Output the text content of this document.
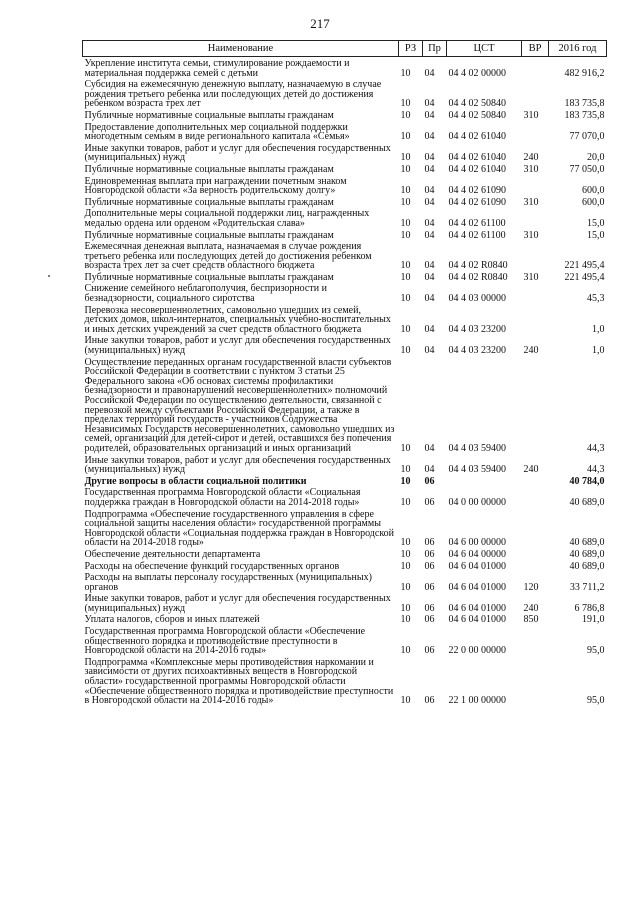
217
Наименование	РЗ	Пр	ЦСТ	ВР	2016 год
Укрепление института семьи, стимулирование рождаемости и материальная поддержка семей с детьми	10	04	04 4 02 00000		482 916,2
Субсидия на ежемесячную денежную выплату, назначаемую в случае рождения третьего ребенка или последующих детей до достижения ребенком возраста трех лет	10	04	04 4 02 50840		183 735,8
Публичные нормативные социальные выплаты гражданам	10	04	04 4 02 50840	310	183 735,8
Предоставление дополнительных мер социальной поддержки многодетным семьям в виде регионального капитала «Семья»	10	04	04 4 02 61040		77 070,0
Иные закупки товаров, работ и услуг для обеспечения государственных (муниципальных) нужд	10	04	04 4 02 61040	240	20,0
Публичные нормативные социальные выплаты гражданам	10	04	04 4 02 61040	310	77 050,0
Единовременная выплата при награждении почетным знаком Новгородской области «За верность родительскому долгу»	10	04	04 4 02 61090		600,0
Публичные нормативные социальные выплаты гражданам	10	04	04 4 02 61090	310	600,0
Дополнительные меры социальной поддержки лиц, награжденных медалью ордена или орденом «Родительская слава»	10	04	04 4 02 61100		15,0
Публичные нормативные социальные выплаты гражданам	10	04	04 4 02 61100	310	15,0
Ежемесячная денежная выплата, назначаемая в случае рождения третьего ребенка или последующих детей до достижения ребенком возраста трех лет за счет средств областного бюджета	10	04	04 4 02 R0840		221 495,4
Публичные нормативные социальные выплаты гражданам	10	04	04 4 02 R0840	310	221 495,4
Снижение семейного неблагополучия, беспризорности и безнадзорности, социального сиротства	10	04	04 4 03 00000		45,3
Перевозка несовершеннолетних, самовольно ушедших из семей, детских домов, школ-интернатов, специальных учебно-воспитательных и иных детских учреждений за счет средств областного бюджета	10	04	04 4 03 23200		1,0
Иные закупки товаров, работ и услуг для обеспечения государственных (муниципальных) нужд	10	04	04 4 03 23200	240	1,0
Осуществление переданных органам государственной власти субъектов Российской Федерации в соответствии с пунктом 3 статьи 25 Федерального закона «Об основах системы профилактики безнадзорности и правонарушений несовершеннолетних» полномочий Российской Федерации по осуществлению деятельности, связанной с перевозкой между субъектами Российской Федерации, а также в пределах территорий государств - участников Содружества Независимых Государств несовершеннолетних, самовольно ушедших из семей, организаций для детей-сирот и детей, оставшихся без попечения родителей, образовательных организаций и иных организаций	10	04	04 4 03 59400		44,3
Иные закупки товаров, работ и услуг для обеспечения государственных (муниципальных) нужд	10	04	04 4 03 59400	240	44,3
Другие вопросы в области социальной политики	10	06			40 784,0
Государственная программа Новгородской области «Социальная поддержка граждан в Новгородской области на 2014-2018 годы»	10	06	04 0 00 00000		40 689,0
Подпрограмма «Обеспечение государственного управления в сфере социальной защиты населения области» государственной программы Новгородской области «Социальная поддержка граждан в Новгородской области на 2014-2018 годы»	10	06	04 6 00 00000		40 689,0
Обеспечение деятельности департамента	10	06	04 6 04 00000		40 689,0
Расходы на обеспечение функций государственных органов	10	06	04 6 04 01000		40 689,0
Расходы на выплаты персоналу государственных (муниципальных) органов	10	06	04 6 04 01000	120	33 711,2
Иные закупки товаров, работ и услуг для обеспечения государственных (муниципальных) нужд	10	06	04 6 04 01000	240	6 786,8
Уплата налогов, сборов и иных платежей	10	06	04 6 04 01000	850	191,0
Государственная программа Новгородской области «Обеспечение общественного порядка и противодействие преступности в Новгородской области на 2014-2016 годы»	10	06	22 0 00 00000		95,0
Подпрограмма «Комплексные меры противодействия наркомании и зависимости от других психоактивных веществ в Новгородской области» государственной программы Новгородской области «Обеспечение общественного порядка и противодействие преступности в Новгородской области на 2014-2016 годы»	10	06	22 1 00 00000		95,0
